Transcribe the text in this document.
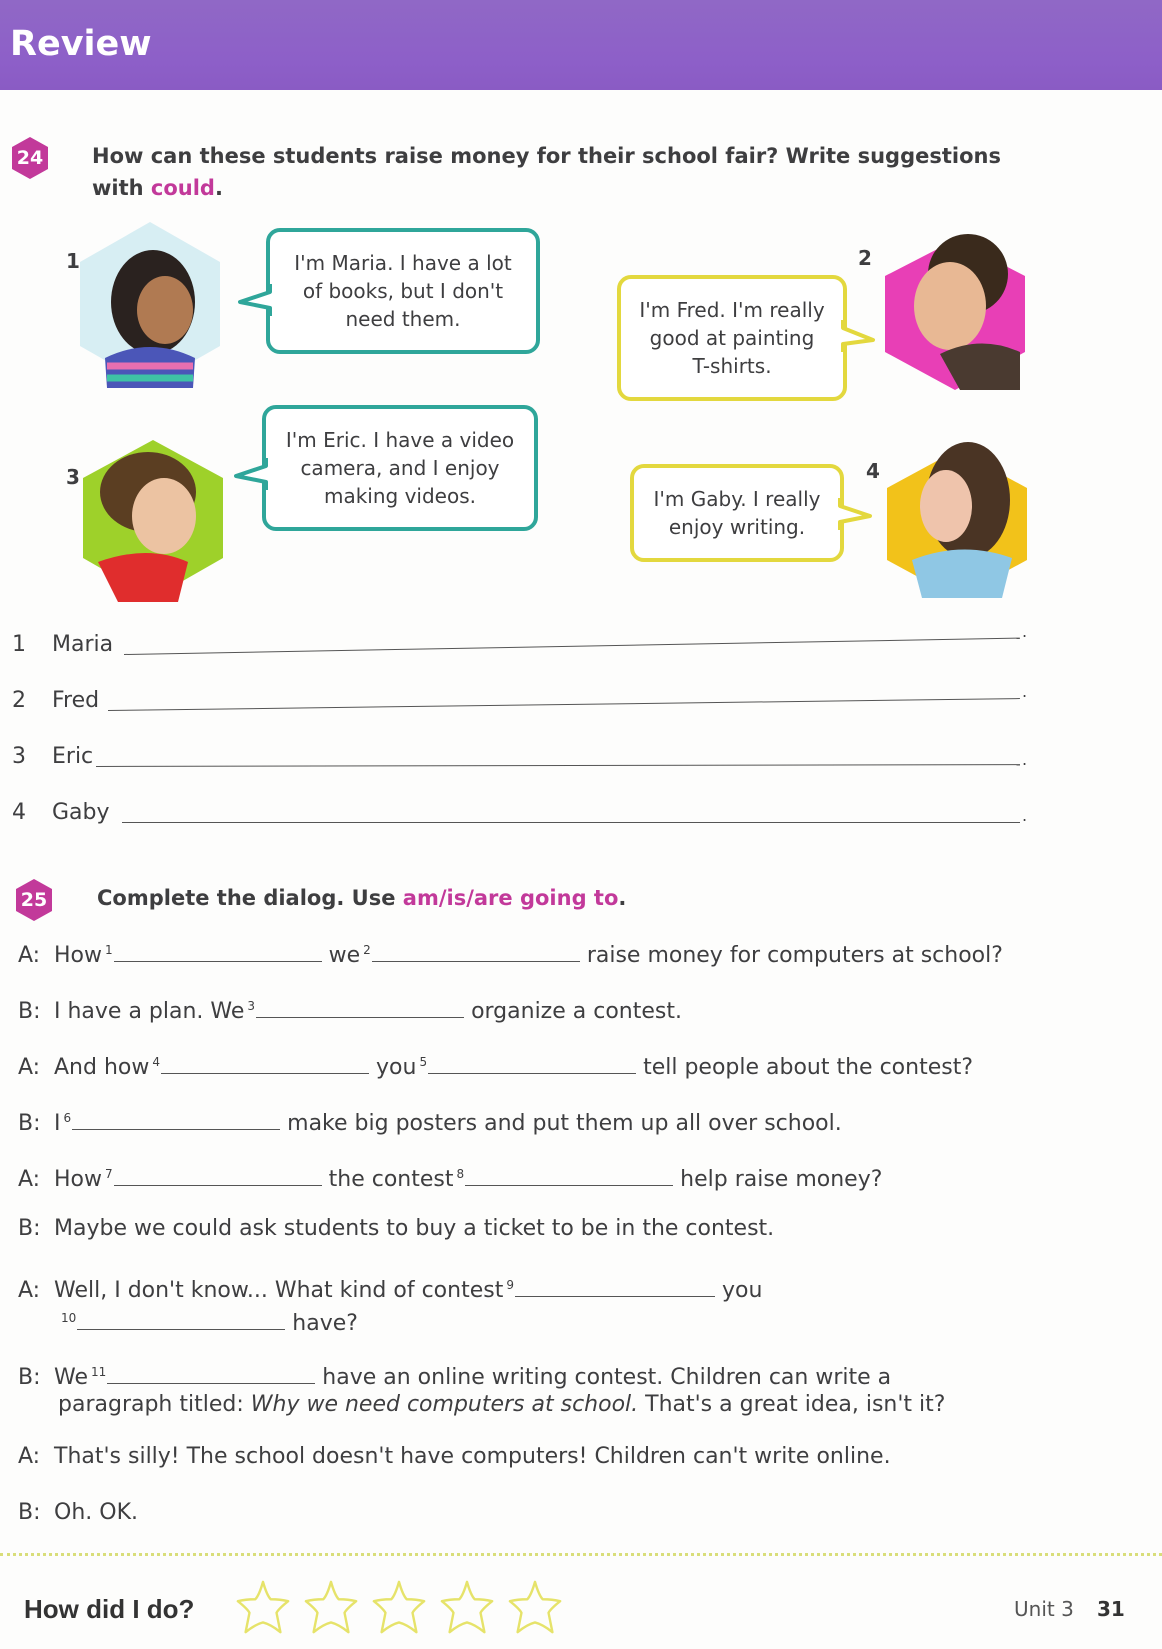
Review
24	How can these students raise money for their school fair? Write suggestions with could.
1	I'm Maria. I have a lot
of books, but I don't
need them.
2
I'm Fred. I'm really
good at painting
T-shirts.
3
I'm Eric. I have a video
camera, and I enjoy
making videos.
4
I'm Gaby. I really
enjoy writing.
1 Maria
.
2 Fred	.
3 Eric	.
4 Gaby	.
25	Complete the dialog. Use am/is/are going to.
A: How $^1$	we $^2$	raise money for computers at school?
B: I have a plan. We $^3$	organize a contest.
A: And how $^4$	you $^5$	tell people about the contest?
B: I $^6$	make big posters and put them up all over school.
A: How $^7$	the contest $^8$	help raise money?
B: Maybe we could ask students to buy a ticket to be in the contest.
A: Well, I don't know... What kind of contest $^9$	you
$^{10}$	have?
B: We $^{11}$	have an online writing contest. Children can write a
paragraph titled: Why we need computers at school. That's a great idea, isn't it?
A: That's silly! The school doesn't have computers! Children can't write online.
B: Oh. OK.
How did I do?	Unit 3 31
